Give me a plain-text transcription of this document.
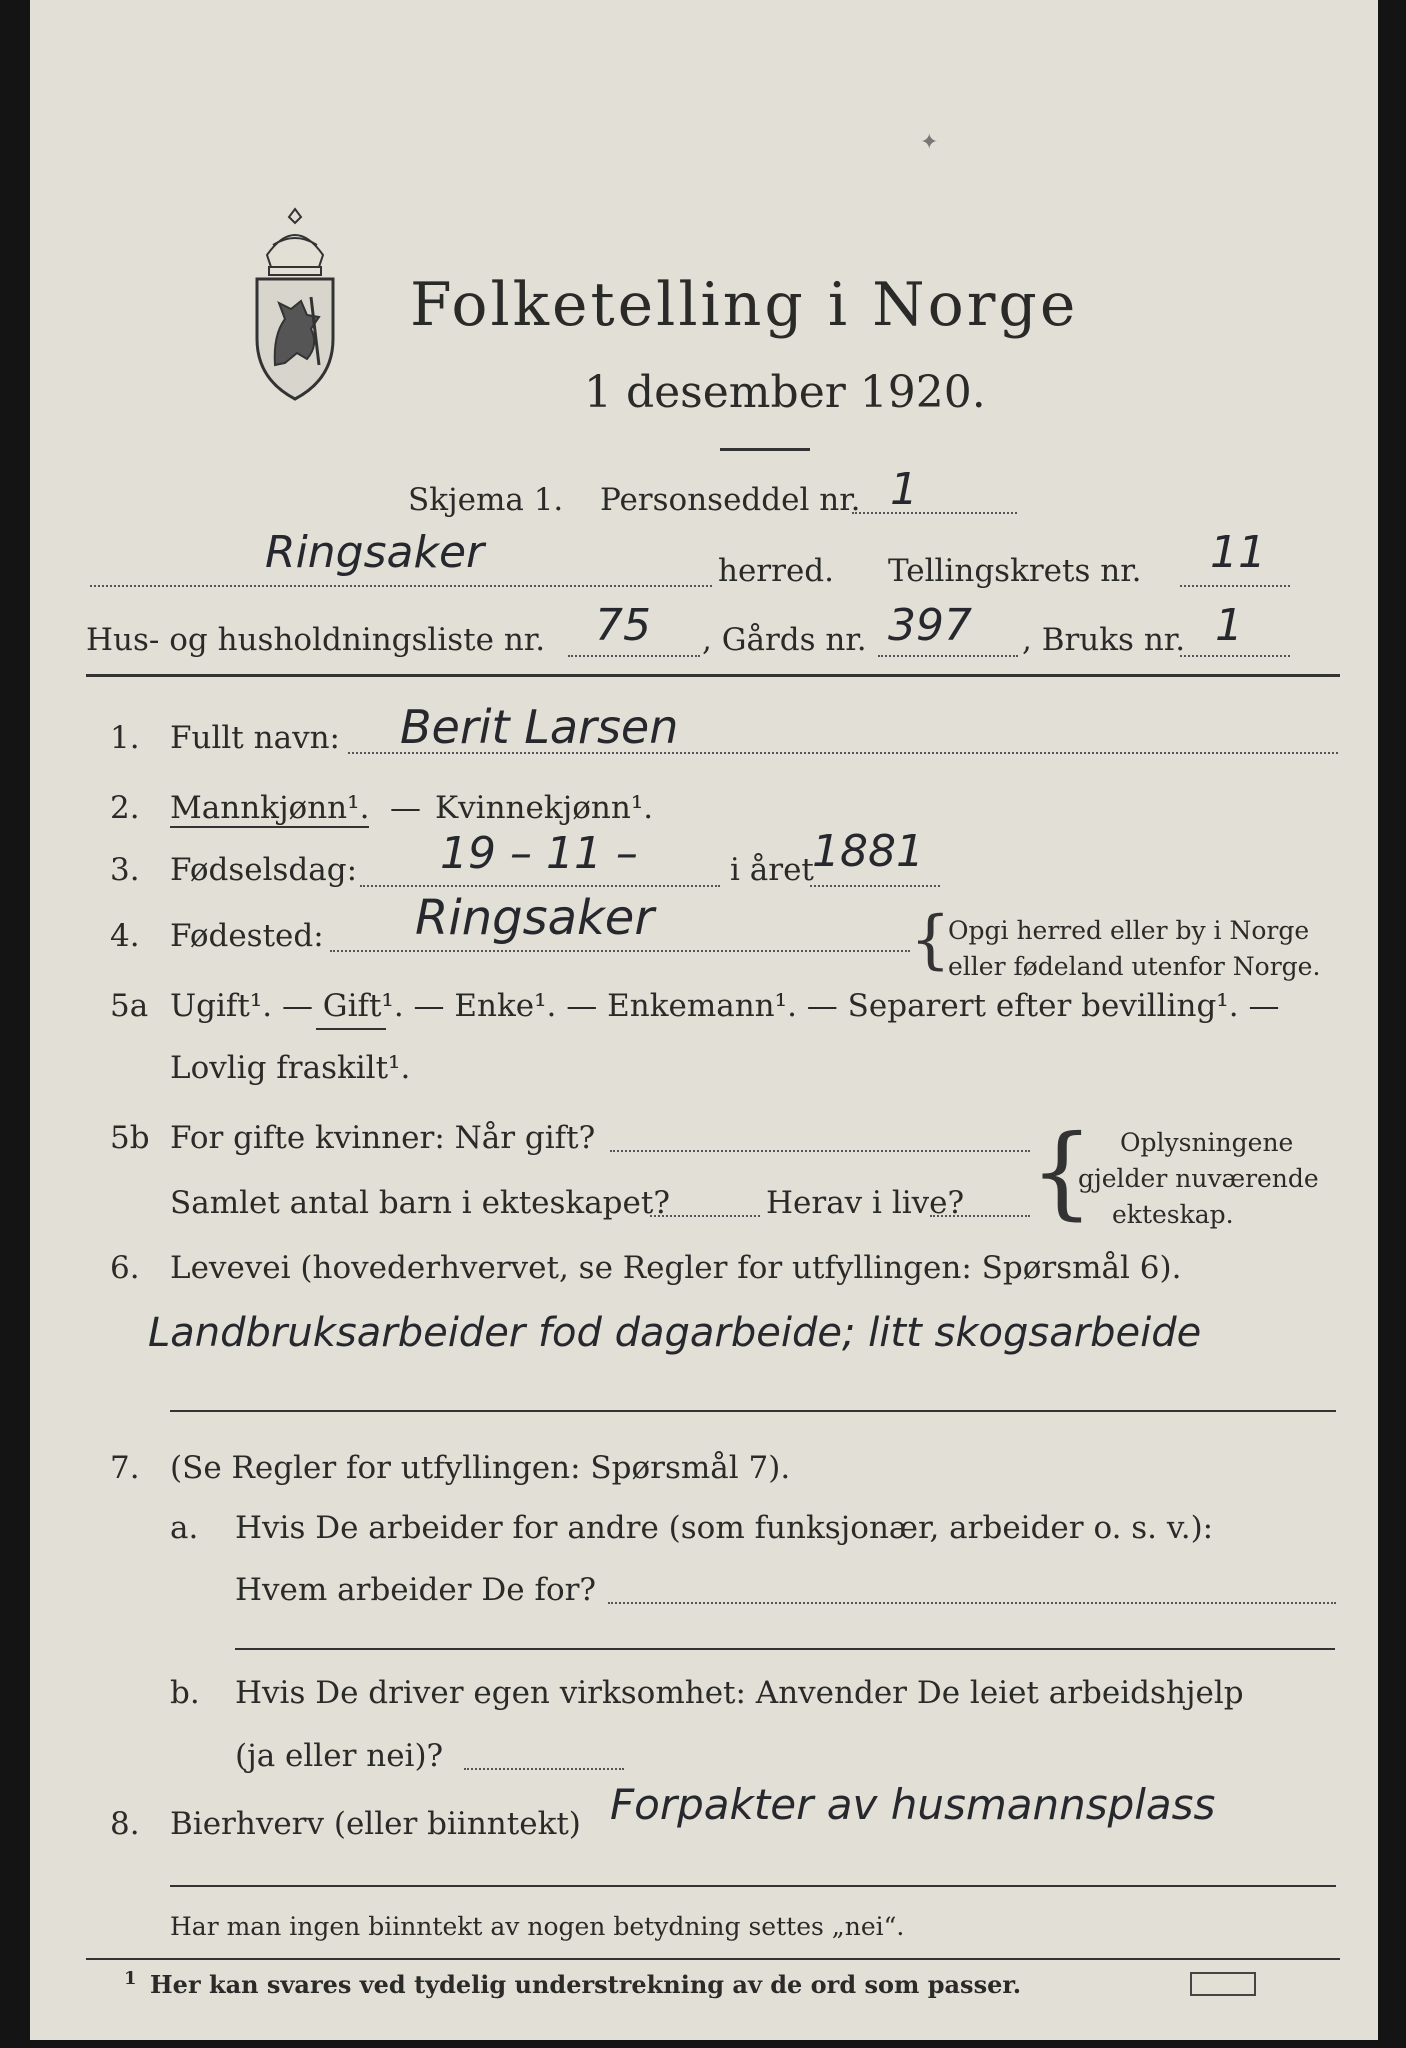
✦
Folketelling i Norge
1 desember 1920.
Skjema 1. Personseddel nr. 1
Ringsaker	herred. Tellingskrets nr. 11
Hus- og husholdningsliste nr. 75 , Gårds nr. 397 , Bruks nr. 1
1. Fullt navn: Berit Larsen
2. Mannkjønn¹. — Kvinnekjønn¹.
3. Fødselsdag: 19 – 11 –	i året
1881
4. Fødested: Ringsaker	{
Opgi herred eller by i Norge
eller fødeland utenfor Norge.
5a Ugift¹. — Gift¹. — Enke¹. — Enkemann¹. — Separert efter bevilling¹. —
Lovlig fraskilt¹.
5b For gifte kvinner: Når gift?
Samlet antal barn i ekteskapet?	Herav i live? { Oplysningene
gjelder nuværende
ekteskap.
6. Levevei (hovederhvervet, se Regler for utfyllingen: Spørsmål 6).
Landbruksarbeider fod dagarbeide; litt skogsarbeide
7. (Se Regler for utfyllingen: Spørsmål 7).
a. Hvis De arbeider for andre (som funksjonær, arbeider o. s. v.):
Hvem arbeider De for?
b. Hvis De driver egen virksomhet: Anvender De leiet arbeidshjelp
(ja eller nei)?
8. Bierhverv (eller biinntekt) Forpakter av husmannsplass
Har man ingen biinntekt av nogen betydning settes „nei“.
1 Her kan svares ved tydelig understrekning av de ord som passer.
